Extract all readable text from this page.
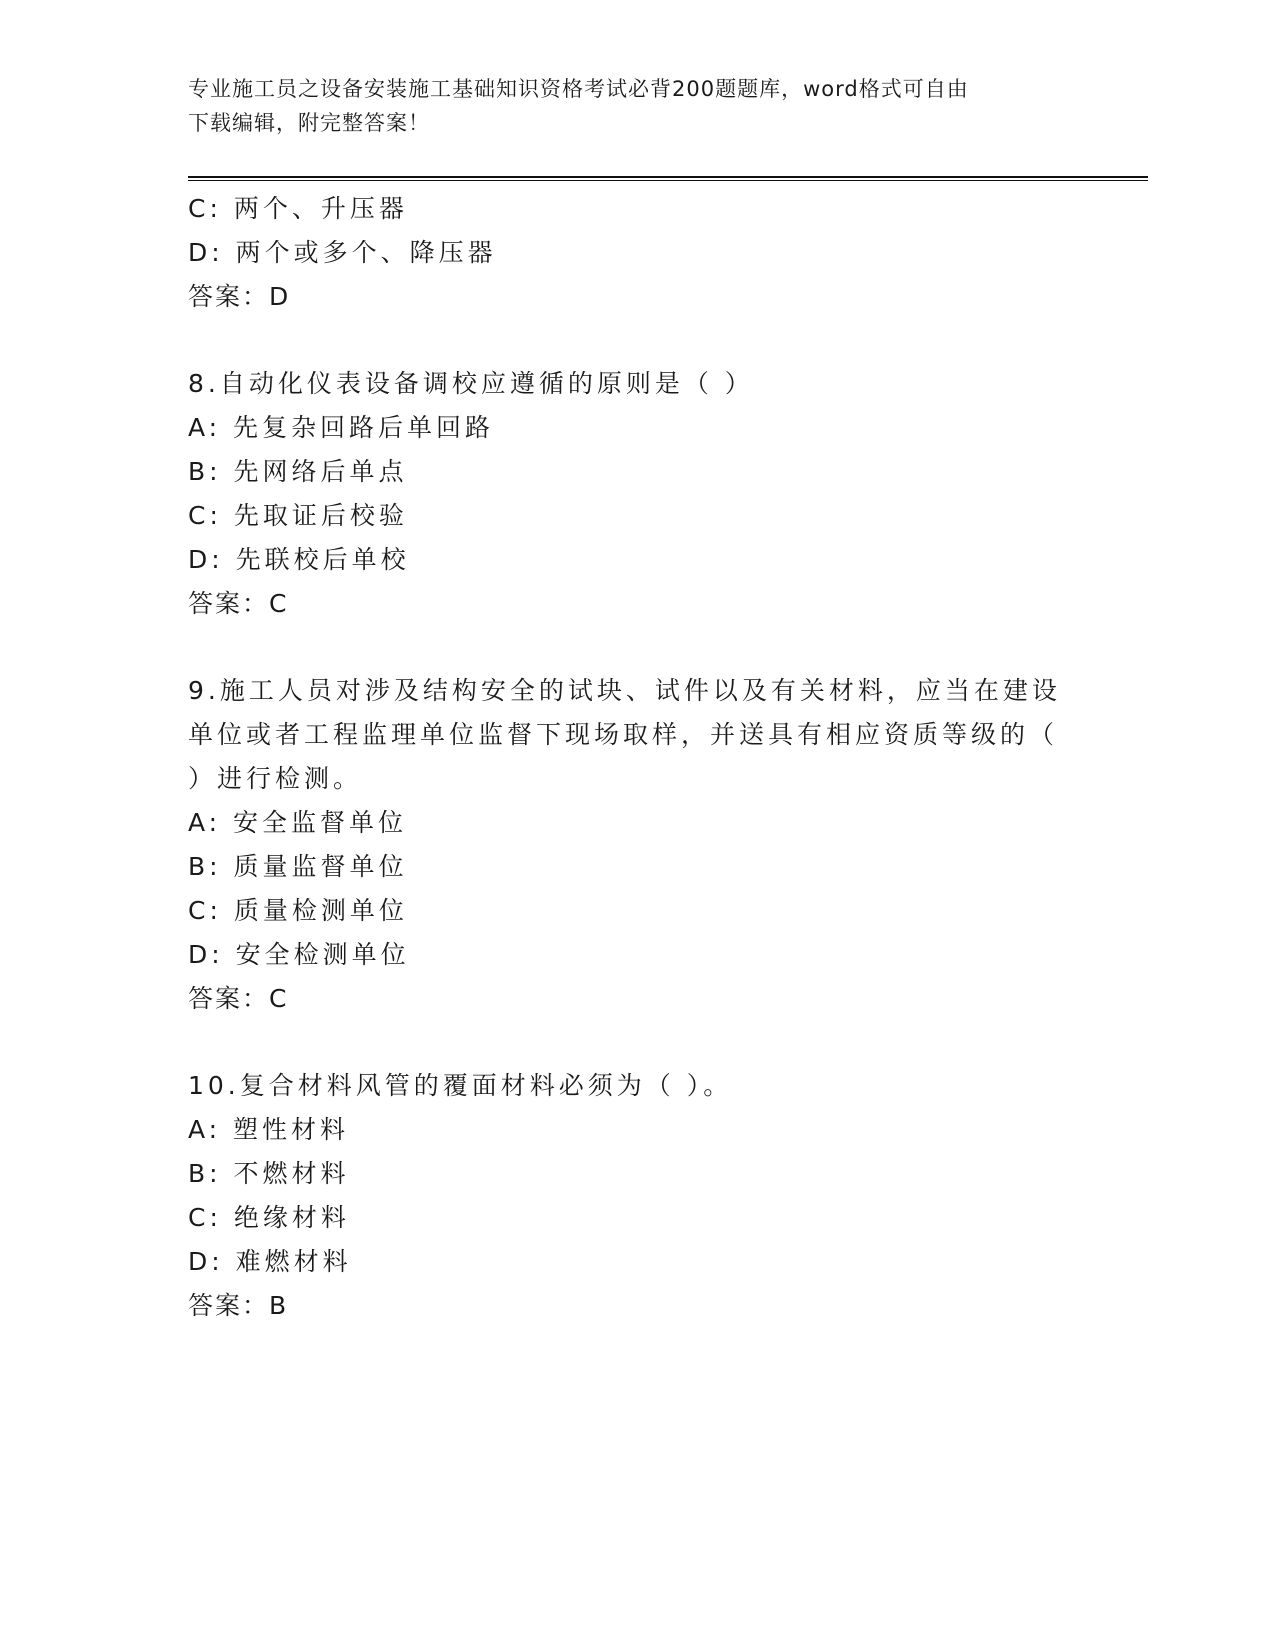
专业施工员之设备安装施工基础知识资格考试必背200题题库，word格式可自由
下载编辑，附完整答案！
C: 两个、升压器
D: 两个或多个、降压器
答案：D
8.自动化仪表设备调校应遵循的原则是（ ）
A: 先复杂回路后单回路
B: 先网络后单点
C: 先取证后校验
D: 先联校后单校
答案：C
9.施工人员对涉及结构安全的试块、试件以及有关材料，应当在建设
单位或者工程监理单位监督下现场取样，并送具有相应资质等级的（
）进行检测。
A: 安全监督单位
B: 质量监督单位
C: 质量检测单位
D: 安全检测单位
答案：C
10.复合材料风管的覆面材料必须为（ ）。
A: 塑性材料
B: 不燃材料
C: 绝缘材料
D: 难燃材料
答案：B
